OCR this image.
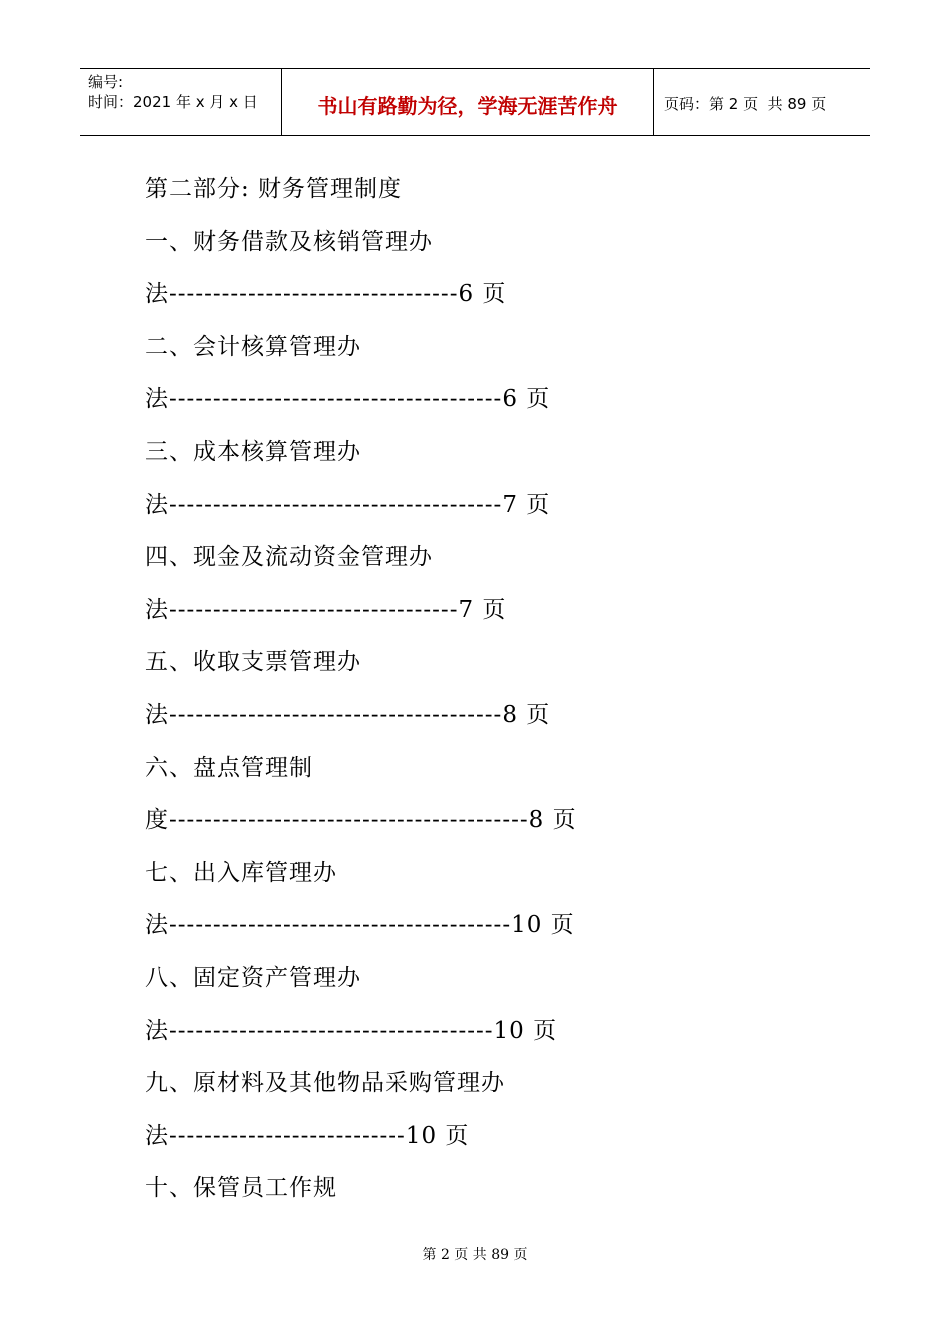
编号:
时间：2021 年 x 月 x 日	书山有路勤为径，学海无涯苦作舟	页码：第 2 页  共 89 页
第二部分: 财务管理制度
一、财务借款及核销管理办
法---------------------------------6 页
二、会计核算管理办
法--------------------------------------6 页
三、成本核算管理办
法--------------------------------------7 页
四、现金及流动资金管理办
法---------------------------------7 页
五、收取支票管理办
法--------------------------------------8 页
六、盘点管理制
度-----------------------------------------8 页
七、出入库管理办
法---------------------------------------10 页
八、固定资产管理办
法-------------------------------------10 页
九、原材料及其他物品采购管理办
法---------------------------10 页
十、保管员工作规
第 2 页 共 89 页
